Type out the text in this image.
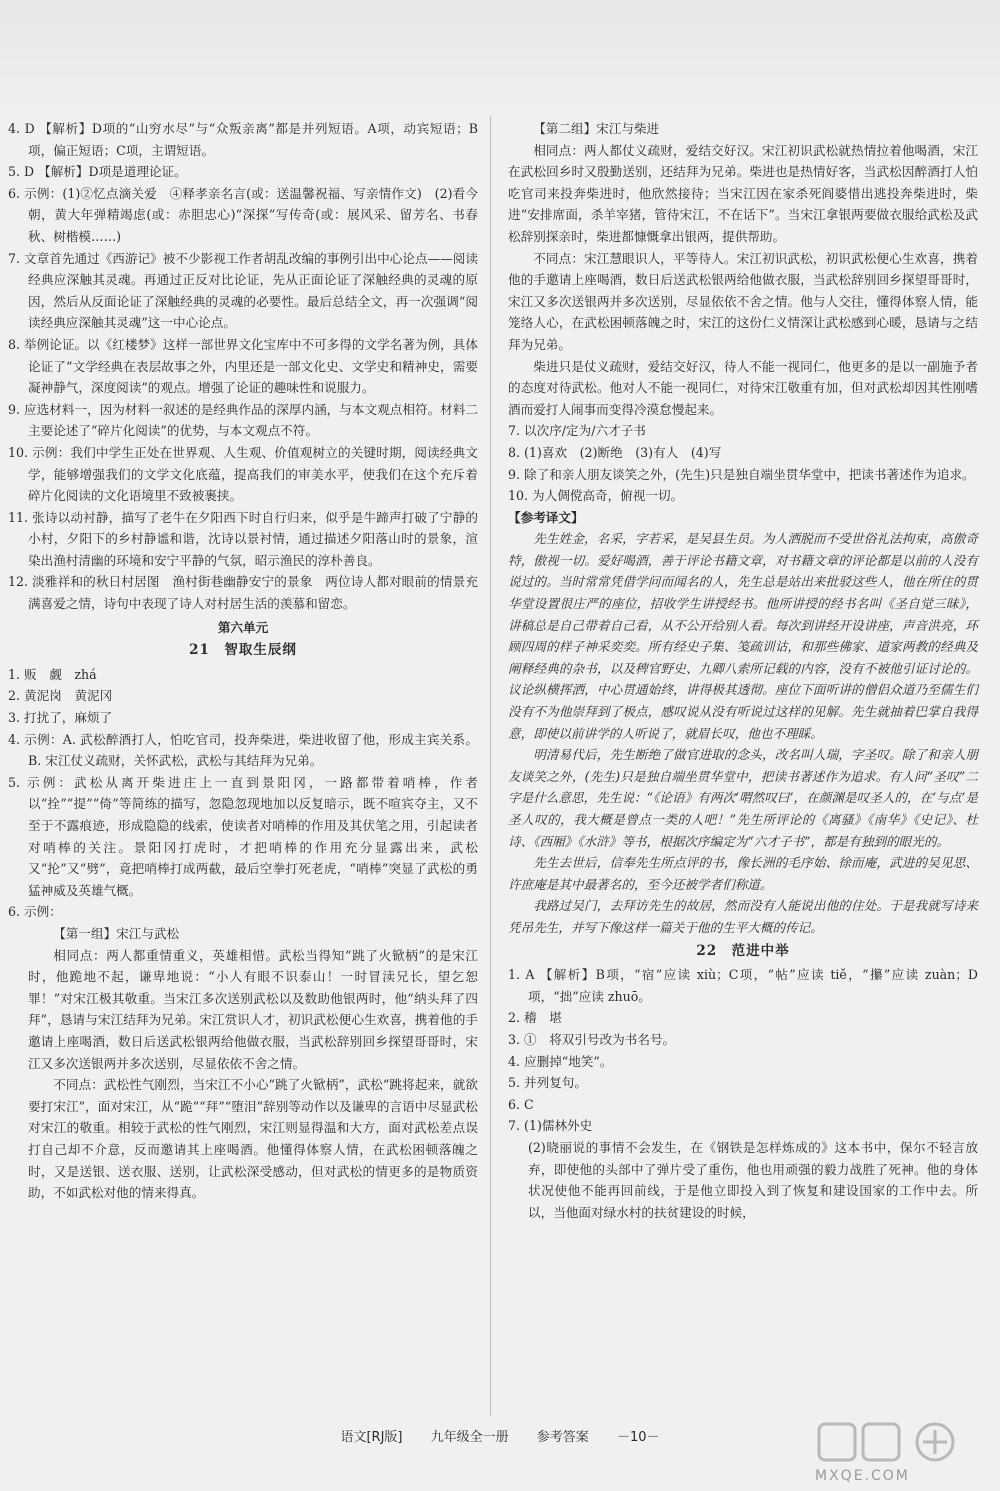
4. D 【解析】D项的“山穷水尽”与“众叛亲离”都是并列短语。A项，动宾短语；B项，偏正短语；C项，主谓短语。

5. D 【解析】D项是道理论证。

6. 示例：(1)②忆点滴关爱　④释孝亲名言(或：送温馨祝福、写亲情作文)　(2)看今朝，黄大年弹精竭虑(或：赤胆忠心)“深探”写传奇(或：展风采、留芳名、书春秋、树楷模……)

7. 文章首先通过《西游记》被不少影视工作者胡乱改编的事例引出中心论点——阅读经典应深触其灵魂。再通过正反对比论证，先从正面论证了深触经典的灵魂的原因，然后从反面论证了深触经典的灵魂的必要性。最后总结全文，再一次强调“阅读经典应深触其灵魂”这一中心论点。

8. 举例论证。以《红楼梦》这样一部世界文化宝库中不可多得的文学名著为例，具体论证了“文学经典在表层故事之外，内里还是一部文化史、文学史和精神史，需要凝神静气，深度阅读”的观点。增强了论证的趣味性和说服力。

9. 应选材料一，因为材料一叙述的是经典作品的深厚内涵，与本文观点相符。材料二主要论述了“碎片化阅读”的优势，与本文观点不符。

10. 示例：我们中学生正处在世界观、人生观、价值观树立的关键时期，阅读经典文学，能够增强我们的文学文化底蕴，提高我们的审美水平，使我们在这个充斥着碎片化阅读的文化语境里不致被裹挟。

11. 张诗以动衬静，描写了老牛在夕阳西下时自行归来，似乎是牛蹄声打破了宁静的小村，夕阳下的乡村静谧和谐，沈诗以景衬情，通过描述夕阳落山时的景象，渲染出渔村清幽的环境和安宁平静的气氛，昭示渔民的淳朴善良。

12. 淡雅祥和的秋日村居图　渔村街巷幽静安宁的景象　两位诗人都对眼前的情景充满喜爱之情，诗句中表现了诗人对村居生活的羡慕和留恋。

第六单元

21　智取生辰纲

1. 贩　觑　zhá

2. 黄泥岗　黄泥冈

3. 打扰了，麻烦了

4. 示例：A. 武松醉酒打人，怕吃官司，投奔柴进，柴进收留了他，形成主宾关系。B. 宋江仗义疏财，关怀武松，武松与其结拜为兄弟。

5. 示例：武松从离开柴进庄上一直到景阳冈，一路都带着哨棒，作者以“拴”“提”“倚”等简练的描写，忽隐忽现地加以反复暗示，既不喧宾夺主，又不至于不露痕迹，形成隐隐的线索，使读者对哨棒的作用及其伏笔之用，引起读者对哨棒的关注。景阳冈打虎时，才把哨棒的作用充分显露出来，武松又“抡”又“劈”，竟把哨棒打成两截，最后空拳打死老虎，“哨棒”突显了武松的勇猛神威及英雄气概。

6. 示例：

【第一组】宋江与武松

相同点：两人都重情重义，英雄相惜。武松当得知“跳了火锨柄”的是宋江时，他跪地不起，谦卑地说：“小人有眼不识泰山！一时冒渎兄长，望乞恕罪！”对宋江极其敬重。当宋江多次送别武松以及数助他银两时，他“纳头拜了四拜”，恳请与宋江结拜为兄弟。宋江赏识人才，初识武松便心生欢喜，携着他的手邀请上座喝酒，数日后送武松银两给他做衣服，当武松辞别回乡探望哥哥时，宋江又多次送银两并多次送别，尽显依依不舍之情。

不同点：武松性气刚烈，当宋江不小心“跳了火锨柄”，武松“跳将起来，就欲要打宋江”，面对宋江，从“跪”“拜”“堕泪”辞别等动作以及谦卑的言语中尽显武松对宋江的敬重。相较于武松的性气刚烈，宋江则显得温和大方，面对武松差点误打自己却不介意，反而邀请其上座喝酒。他懂得体察人情，在武松困顿落魄之时，又是送银、送衣服、送别，让武松深受感动，但对武松的情更多的是物质资助，不如武松对他的情来得真。

【第二组】宋江与柴进

相同点：两人都仗义疏财，爱结交好汉。宋江初识武松就热情拉着他喝酒，宋江在武松回乡时又殷勤送别，还结拜为兄弟。柴进也是热情好客，当武松因醉酒打人怕吃官司来投奔柴进时，他欣然接待；当宋江因在家杀死阎婆惜出逃投奔柴进时，柴进“安排席面，杀羊宰猪，管待宋江，不在话下”。当宋江拿银两要做衣服给武松及武松辞别探亲时，柴进都慷慨拿出银两，提供帮助。

不同点：宋江慧眼识人，平等待人。宋江初识武松，初识武松便心生欢喜，携着他的手邀请上座喝酒，数日后送武松银两给他做衣服，当武松辞别回乡探望哥哥时，宋江又多次送银两并多次送别，尽显依依不舍之情。他与人交往，懂得体察人情，能笼络人心，在武松困顿落魄之时，宋江的这份仁义情深让武松感到心暖，恳请与之结拜为兄弟。

柴进只是仗义疏财，爱结交好汉，待人不能一视同仁，他更多的是以一副施予者的态度对待武松。他对人不能一视同仁，对待宋江敬重有加，但对武松却因其性刚嗜酒而爱打人闹事而变得冷漠怠慢起来。

7. 以次序/定为/六才子书

8. (1)喜欢　(2)断绝　(3)有人　(4)写

9. 除了和亲人朋友谈笑之外，(先生)只是独自端坐贯华堂中，把读书著述作为追求。

10. 为人倜傥高奇，俯视一切。

【参考译文】

先生姓金，名采，字若采，是吴县生员。为人洒脱而不受世俗礼法拘束，高傲奇特，傲视一切。爱好喝酒，善于评论书籍文章，对书籍文章的评论都是以前的人没有说过的。当时常常凭借学问而闻名的人，先生总是站出来批驳这些人，他在所住的贯华堂设置很庄严的座位，招收学生讲授经书。他所讲授的经书名叫《圣自觉三昧》，讲稿总是自己带着自己看，从不公开给别人看。每次到讲经开设讲座，声音洪亮，环顾四周的样子神采奕奕。所有经史子集、笺疏训诂，和那些佛家、道家两教的经典及阐释经典的杂书，以及稗官野史、九卿八索所记载的内容，没有不被他引证讨论的。议论纵横挥洒，中心贯通始终，讲得极其透彻。座位下面听讲的僧侣众道乃至儒生们没有不为他崇拜到了极点，感叹说从没有听说过这样的见解。先生就抽着巴掌自我得意，即使以前讲学的人听说了，就眉长叹，他也不理睬。

明清易代后，先生断绝了做官进取的念头，改名叫人瑞，字圣叹。除了和亲人朋友谈笑之外，(先生)只是独自端坐贯华堂中，把读书著述作为追求。有人问“圣叹”二字是什么意思，先生说：“《论语》有两次‘喟然叹曰’，在颜渊是叹圣人的，在‘与点’是圣人叹的，我大概是曾点一类的人吧！”先生所评论的《离骚》《南华》《史记》、杜诗、《西厢》《水浒》等书，根据次序编定为“六才子书”，都是有独到的眼光的。

先生去世后，信奉先生所点评的书，像长洲的毛序始、徐而庵，武进的吴见思、许庶庵是其中最著名的，至今还被学者们称道。

我路过吴门，去拜访先生的故居，然而没有人能说出他的住处。于是我就写诗来凭吊先生，并写下像这样一篇关于他的生平大概的传记。

22　范进中举

1. A 【解析】B项，“宿”应读 xiù；C项，“帖”应读 tiě，“攥”应读 zuàn；D项，“拙”应读 zhuō。

2. 稽　堪

3. ①　将双引号改为书名号。

4. 应删掉“地笑”。

5. 并列复句。

6. C

7. (1)儒林外史

(2)晓丽说的事情不会发生，在《钢铁是怎样炼成的》这本书中，保尔不轻言放弃，即使他的头部中了弹片受了重伤，他也用顽强的毅力战胜了死神。他的身体状况使他不能再回前线，于是他立即投入到了恢复和建设国家的工作中去。所以，当他面对绿水村的扶贫建设的时候，

语文[RJ版] 九年级全一册 参考答案 －10－
MXQE.COM
